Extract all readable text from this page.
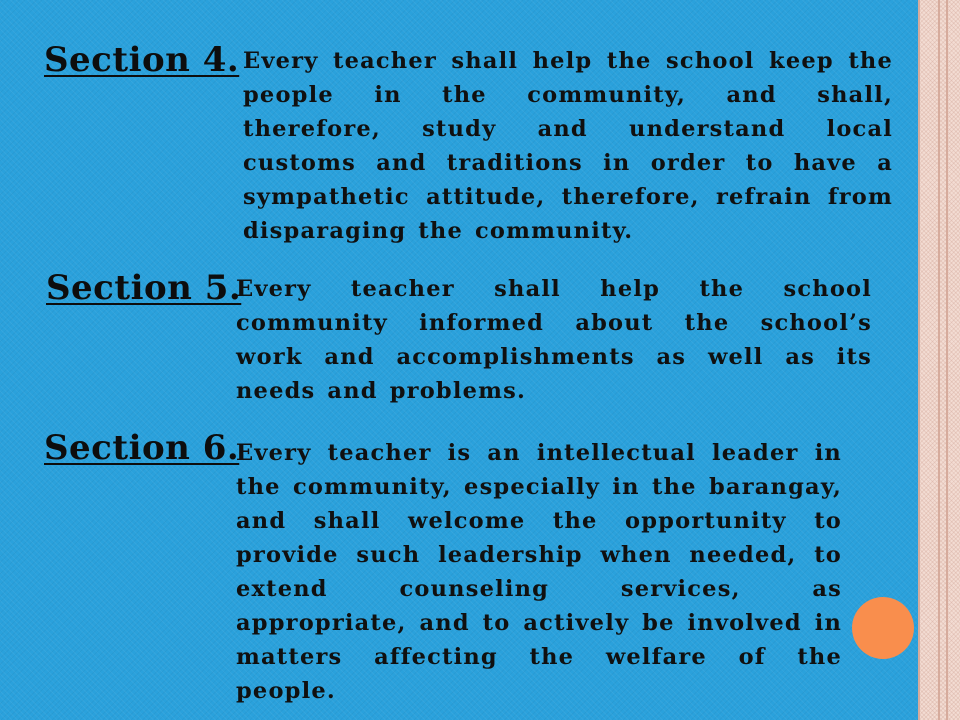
Section 4. Every teacher shall help the school keep the people in the community, and shall, therefore, study and understand local customs and traditions in order to have a sympathetic attitude, therefore, refrain from disparaging the community.

Section 5.

Every teacher shall help the school community informed about the school’s work and accomplishments as well as its needs and problems.

Section 6.

Every teacher is an intellectual leader in the community, especially in the barangay, and shall welcome the opportunity to provide such leadership when needed, to extend counseling services, as appropriate, and to actively be involved in matters affecting the welfare of the people.
